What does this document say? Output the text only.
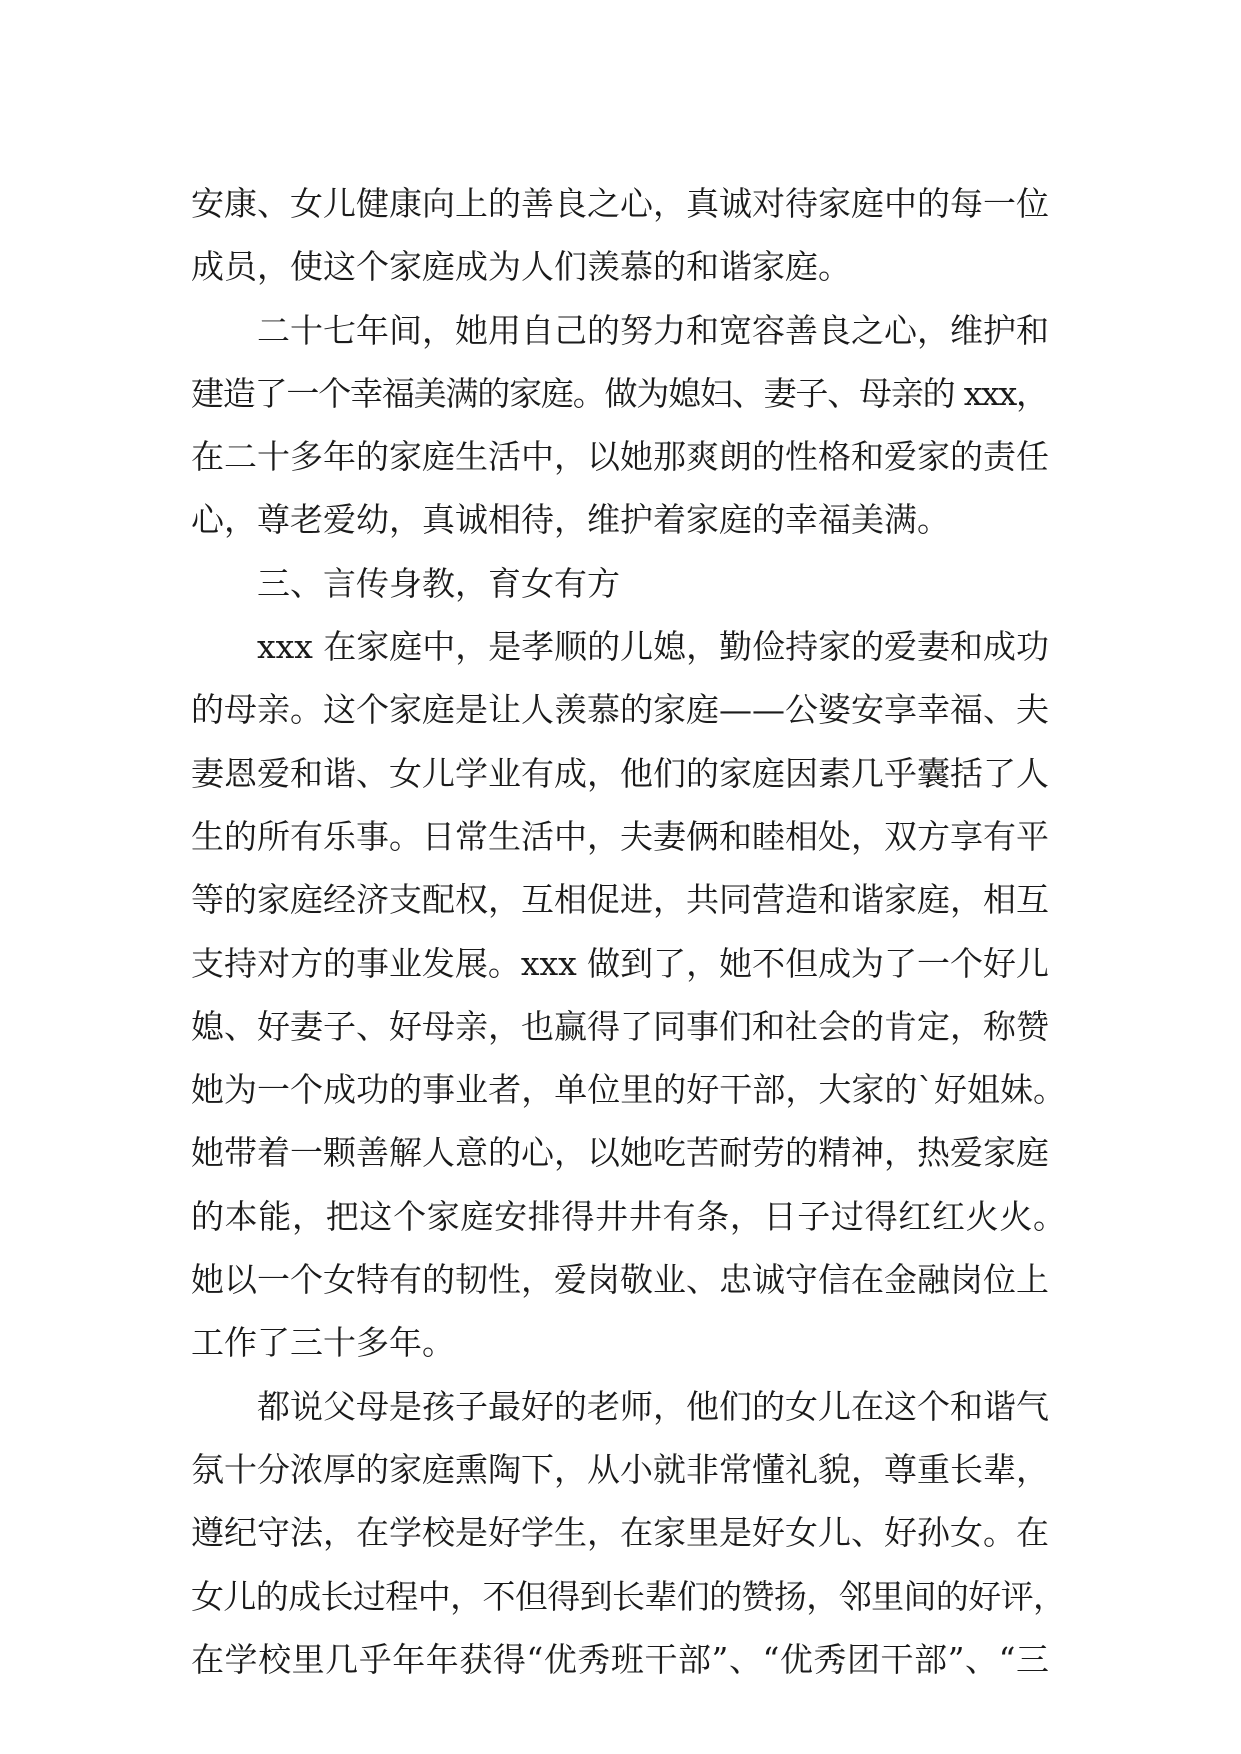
安康、女儿健康向上的善良之心，真诚对待家庭中的每一位
成员，使这个家庭成为人们羡慕的和谐家庭。
二十七年间，她用自己的努力和宽容善良之心，维护和
建造了一个幸福美满的家庭。做为媳妇、妻子、母亲的 xxx，
在二十多年的家庭生活中，以她那爽朗的性格和爱家的责任
心，尊老爱幼，真诚相待，维护着家庭的幸福美满。
三、言传身教，育女有方
xxx 在家庭中，是孝顺的儿媳，勤俭持家的爱妻和成功
的母亲。这个家庭是让人羡慕的家庭——公婆安享幸福、夫
妻恩爱和谐、女儿学业有成，他们的家庭因素几乎囊括了人
生的所有乐事。日常生活中，夫妻俩和睦相处，双方享有平
等的家庭经济支配权，互相促进，共同营造和谐家庭，相互
支持对方的事业发展。xxx 做到了，她不但成为了一个好儿
媳、好妻子、好母亲，也赢得了同事们和社会的肯定，称赞
她为一个成功的事业者，单位里的好干部，大家的`好姐妹。
她带着一颗善解人意的心，以她吃苦耐劳的精神，热爱家庭
的本能，把这个家庭安排得井井有条，日子过得红红火火。
她以一个女特有的韧性，爱岗敬业、忠诚守信在金融岗位上
工作了三十多年。
都说父母是孩子最好的老师，他们的女儿在这个和谐气
氛十分浓厚的家庭熏陶下，从小就非常懂礼貌，尊重长辈，
遵纪守法，在学校是好学生，在家里是好女儿、好孙女。在
女儿的成长过程中，不但得到长辈们的赞扬，邻里间的好评，
在学校里几乎年年获得“优秀班干部”、“优秀团干部”、“三
